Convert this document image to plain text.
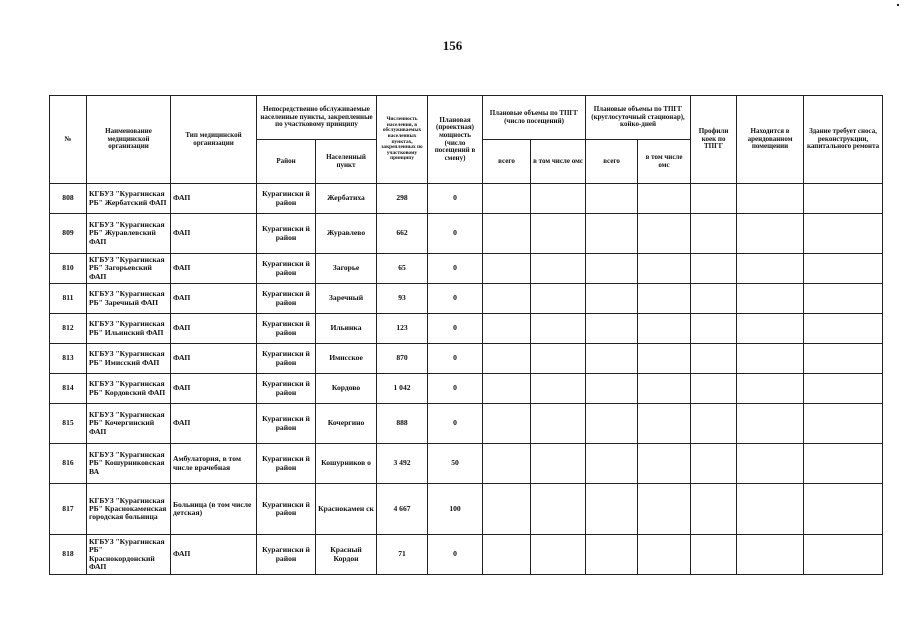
156
№	Наименование медицинской организации	Тип медицинской организации	Непосредственно обслуживаемые населенные пункты, закрепленные по участковому принципу		Численность населения, в обслуживаемых населенных пунктах, закрепленных по участковому принципу	Плановая (проектная) мощность (число посещений в смену)	Плановые объемы по ТПГГ (число посещений)		Плановые объемы по ТПГГ (круглосуточный стационар), койко-дней		Профили коек по ТПГГ	Находится в арендованном помещении	Здание требует сноса, реконструкции, капитального ремонта
			Район	Населенный пункт			всего	в том числе омс	всего	в том числе омс			
808	КГБУЗ "Курагинская РБ" Жербатский ФАП	ФАП	Курагински й район	Жербатиха	298	0							
809	КГБУЗ "Курагинская РБ" Журавлевский ФАП	ФАП	Курагински й район	Журавлево	662	0							
810	КГБУЗ "Курагинская РБ" Загорьевский ФАП	ФАП	Курагински й район	Загорье	65	0							
811	КГБУЗ "Курагинская РБ" Заречный ФАП	ФАП	Курагински й район	Заречный	93	0							
812	КГБУЗ "Курагинская РБ" Ильинский ФАП	ФАП	Курагински й район	Ильинка	123	0							
813	КГБУЗ "Курагинская РБ" Имисский ФАП	ФАП	Курагински й район	Имисское	870	0							
814	КГБУЗ "Курагинская РБ" Кордовский ФАП	ФАП	Курагински й район	Кордово	1 042	0							
815	КГБУЗ "Курагинская РБ" Кочергинский ФАП	ФАП	Курагински й район	Кочергино	888	0							
816	КГБУЗ "Курагинская РБ" Кошурниковская ВА	Амбулатория, в том числе врачебная	Курагински й район	Кошурников о	3 492	50							
817	КГБУЗ "Курагинская РБ" Краснокаменская городская больница	Больница (в том числе детская)	Курагински й район	Краснокамен ск	4 667	100							
818	КГБУЗ "Курагинская РБ" Краснокордонский ФАП	ФАП	Курагински й район	Красный Кордон	71	0							
